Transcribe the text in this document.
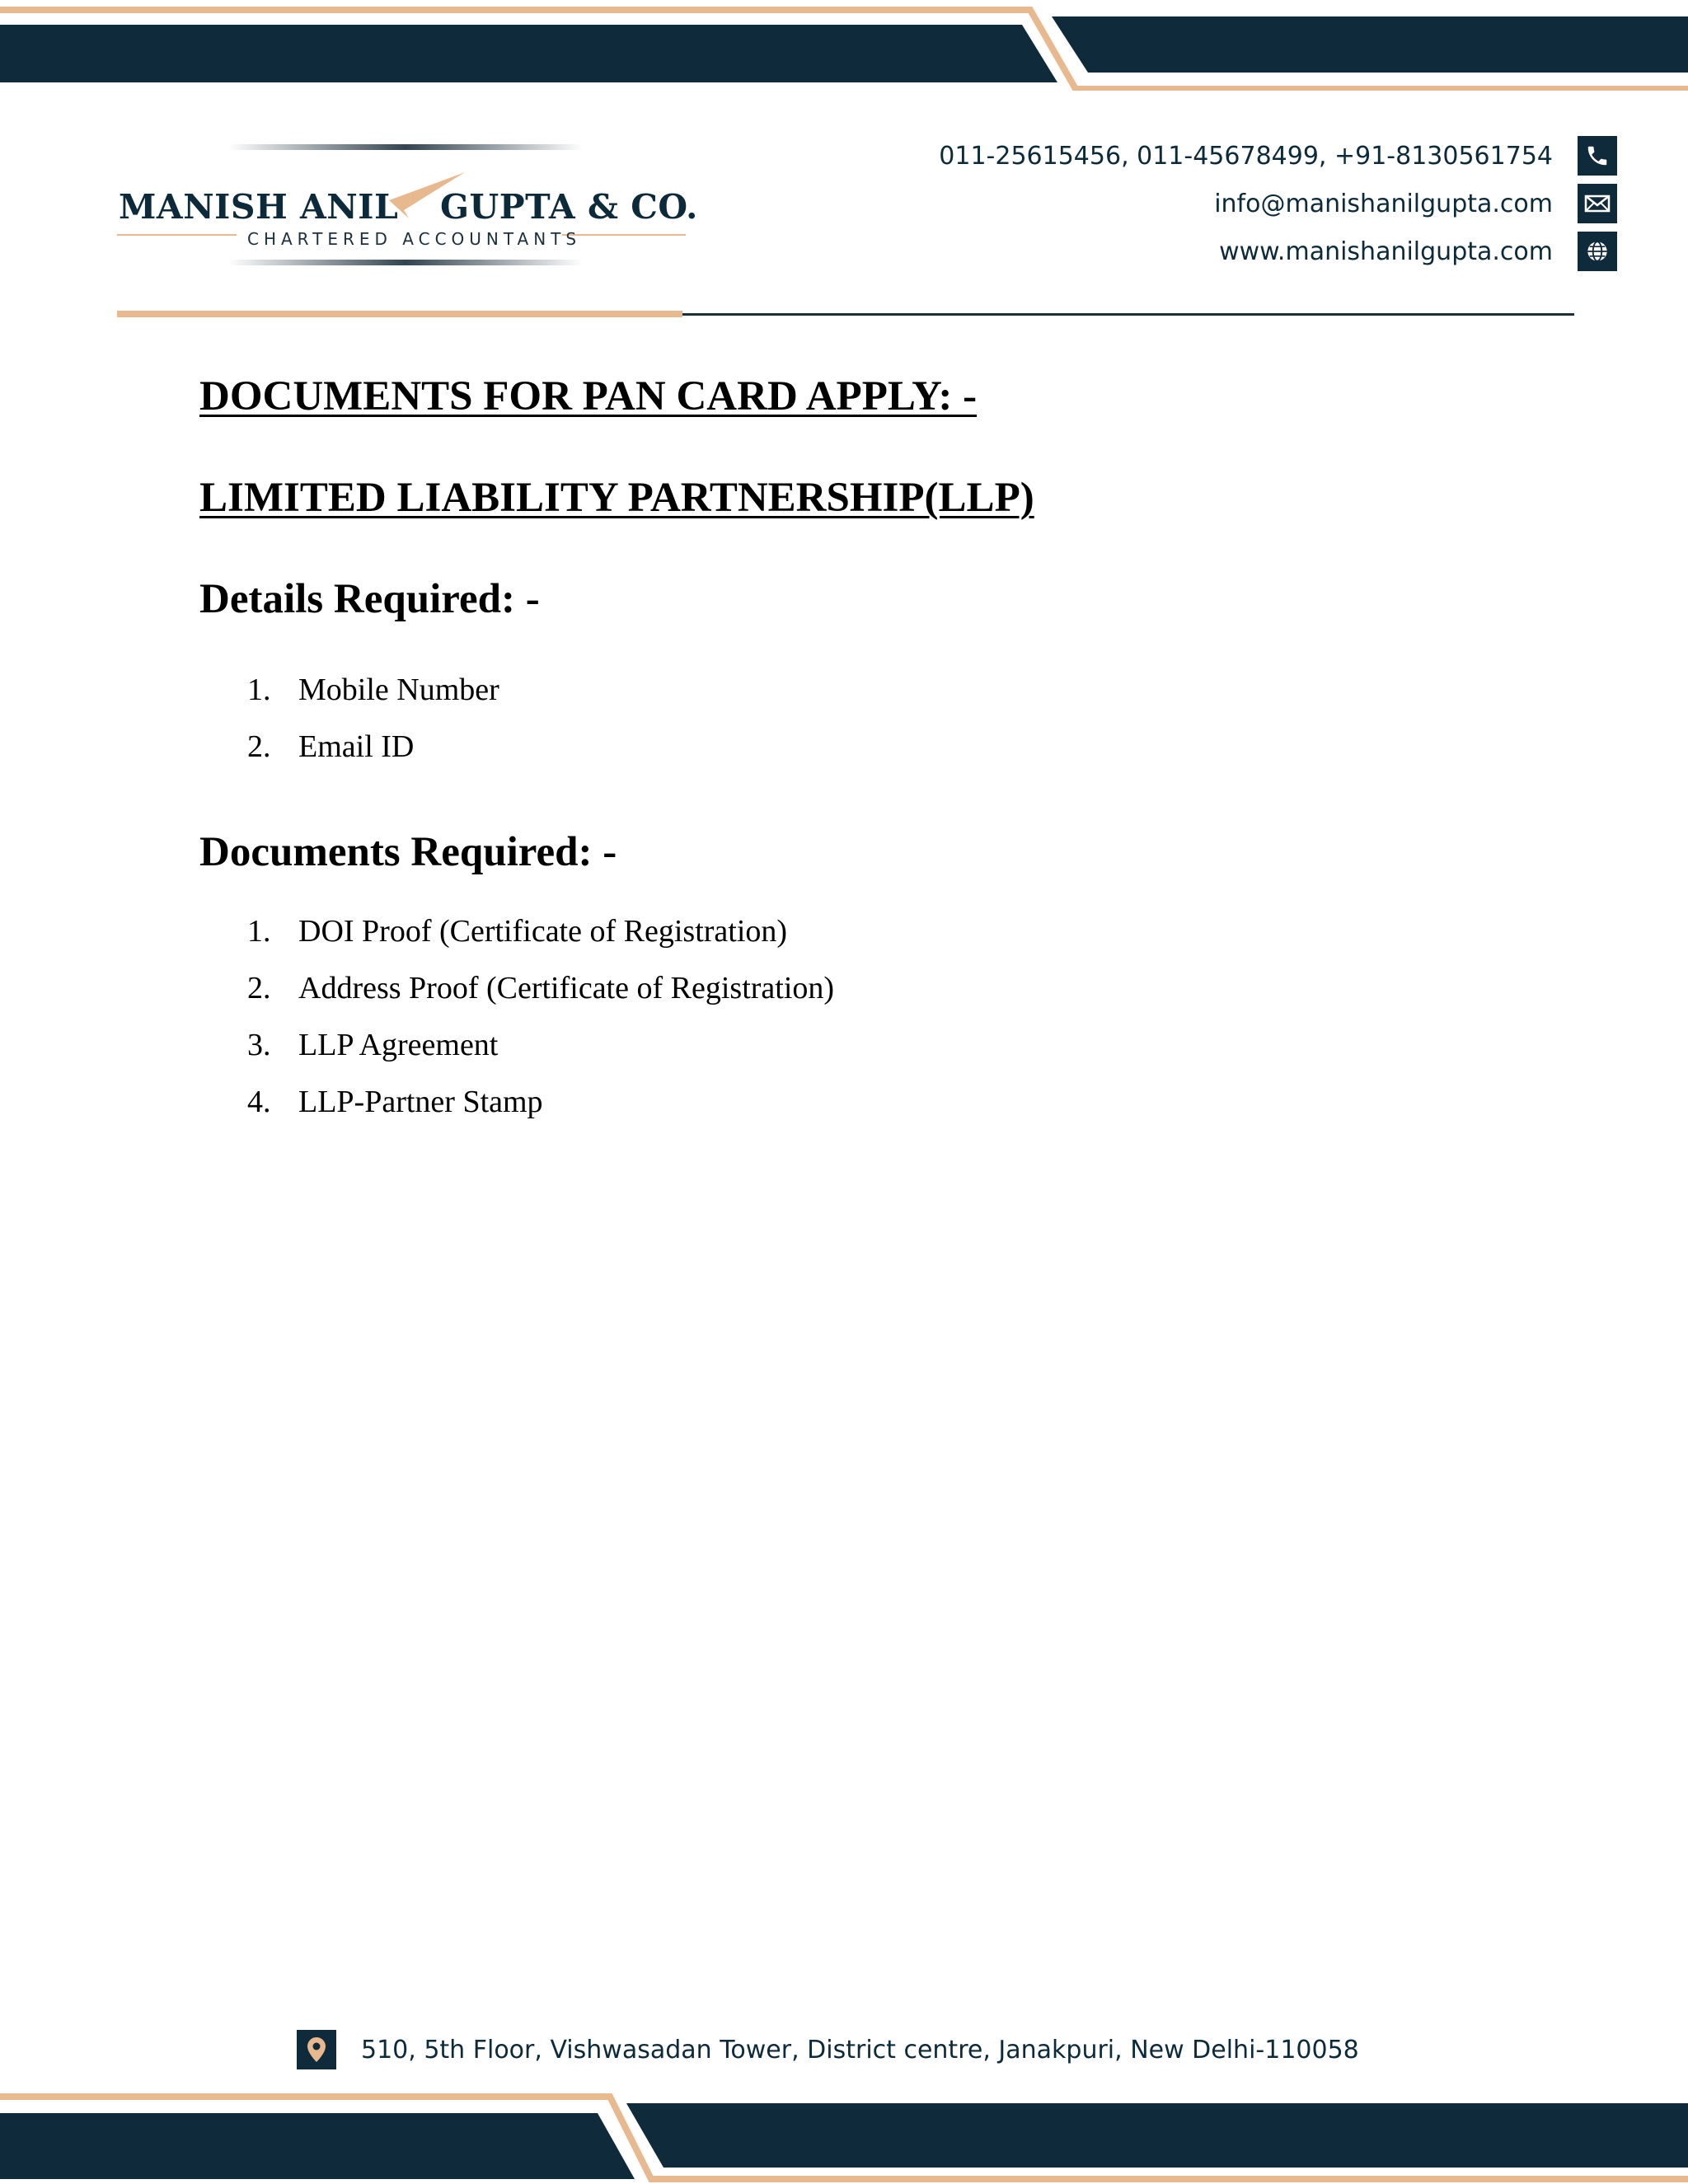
MANISH ANIL GUPTA & CO.
CHARTERED ACCOUNTANTS
011-25615456, 011-45678499, +91-8130561754
info@manishanilgupta.com
www.manishanilgupta.com
DOCUMENTS FOR PAN CARD APPLY: -
LIMITED LIABILITY PARTNERSHIP(LLP)
Details Required: -
1. Mobile Number
2. Email ID
Documents Required: -
1. DOI Proof (Certificate of Registration)
2. Address Proof (Certificate of Registration)
3. LLP Agreement
4. LLP-Partner Stamp
510, 5th Floor, Vishwasadan Tower, District centre, Janakpuri, New Delhi-110058
